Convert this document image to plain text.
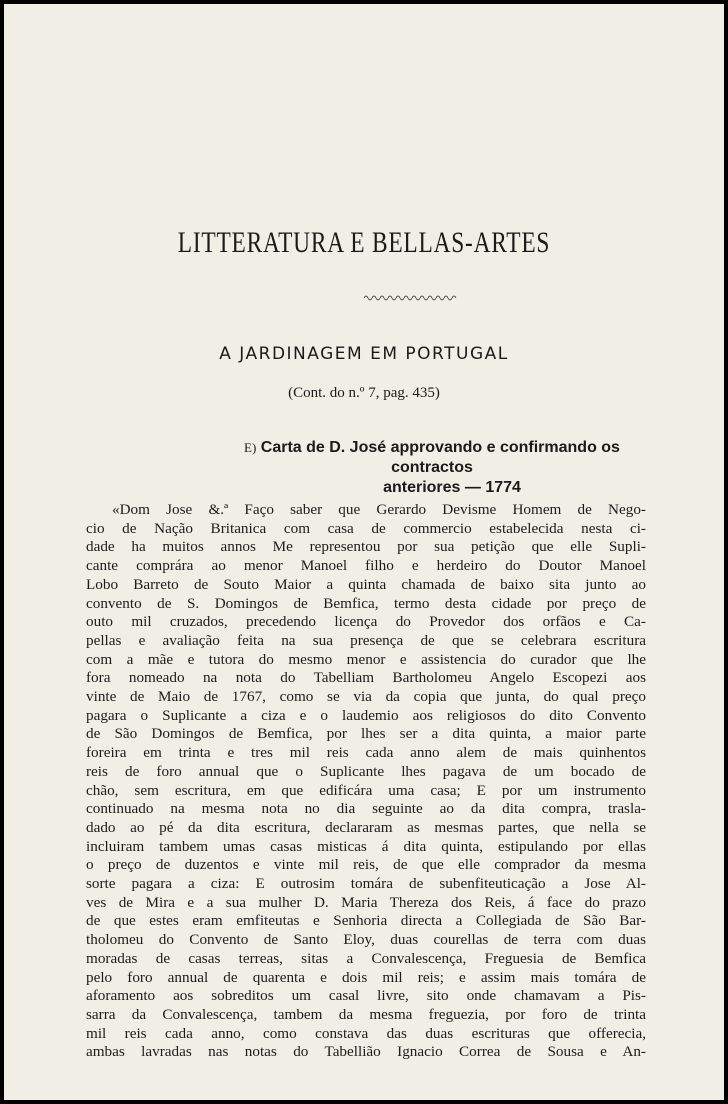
LITTERATURA E BELLAS-ARTES
A JARDINAGEM EM PORTUGAL
(Cont. do n.º 7, pag. 435)
E) Carta de D. José approvando e confirmando os contractos
anteriores — 1774
«Dom Jose &.ª Faço saber que Gerardo Devisme Homem de Nego-
cio de Nação Britanica com casa de commercio estabelecida nesta ci-
dade ha muitos annos Me representou por sua petição que elle Supli-
cante comprára ao menor Manoel filho e herdeiro do Doutor Manoel
Lobo Barreto de Souto Maior a quinta chamada de baixo sita junto ao
convento de S. Domingos de Bemfica, termo desta cidade por preço de
outo mil cruzados, precedendo licença do Provedor dos orfãos e Ca-
pellas e avaliação feita na sua presença de que se celebrara escritura
com a mãe e tutora do mesmo menor e assistencia do curador que lhe
fora nomeado na nota do Tabelliam Bartholomeu Angelo Escopezi aos
vinte de Maio de 1767, como se via da copia que junta, do qual preço
pagara o Suplicante a ciza e o laudemio aos religiosos do dito Convento
de São Domingos de Bemfica, por lhes ser a dita quinta, a maior parte
foreira em trinta e tres mil reis cada anno alem de mais quinhentos
reis de foro annual que o Suplicante lhes pagava de um bocado de
chão, sem escritura, em que edificára uma casa; E por um instrumento
continuado na mesma nota no dia seguinte ao da dita compra, trasla-
dado ao pé da dita escritura, declararam as mesmas partes, que nella se
incluiram tambem umas casas misticas á dita quinta, estipulando por ellas
o preço de duzentos e vinte mil reis, de que elle comprador da mesma
sorte pagara a ciza: E outrosim tomára de subenfiteuticação a Jose Al-
ves de Mira e a sua mulher D. Maria Thereza dos Reis, á face do prazo
de que estes eram emfiteutas e Senhoria directa a Collegiada de São Bar-
tholomeu do Convento de Santo Eloy, duas courellas de terra com duas
moradas de casas terreas, sitas a Convalescença, Freguesia de Bemfica
pelo foro annual de quarenta e dois mil reis; e assim mais tomára de
aforamento aos sobreditos um casal livre, sito onde chamavam a Pis-
sarra da Convalescença, tambem da mesma freguezia, por foro de trinta
mil reis cada anno, como constava das duas escrituras que offerecia,
ambas lavradas nas notas do Tabellião Ignacio Correa de Sousa e An-
